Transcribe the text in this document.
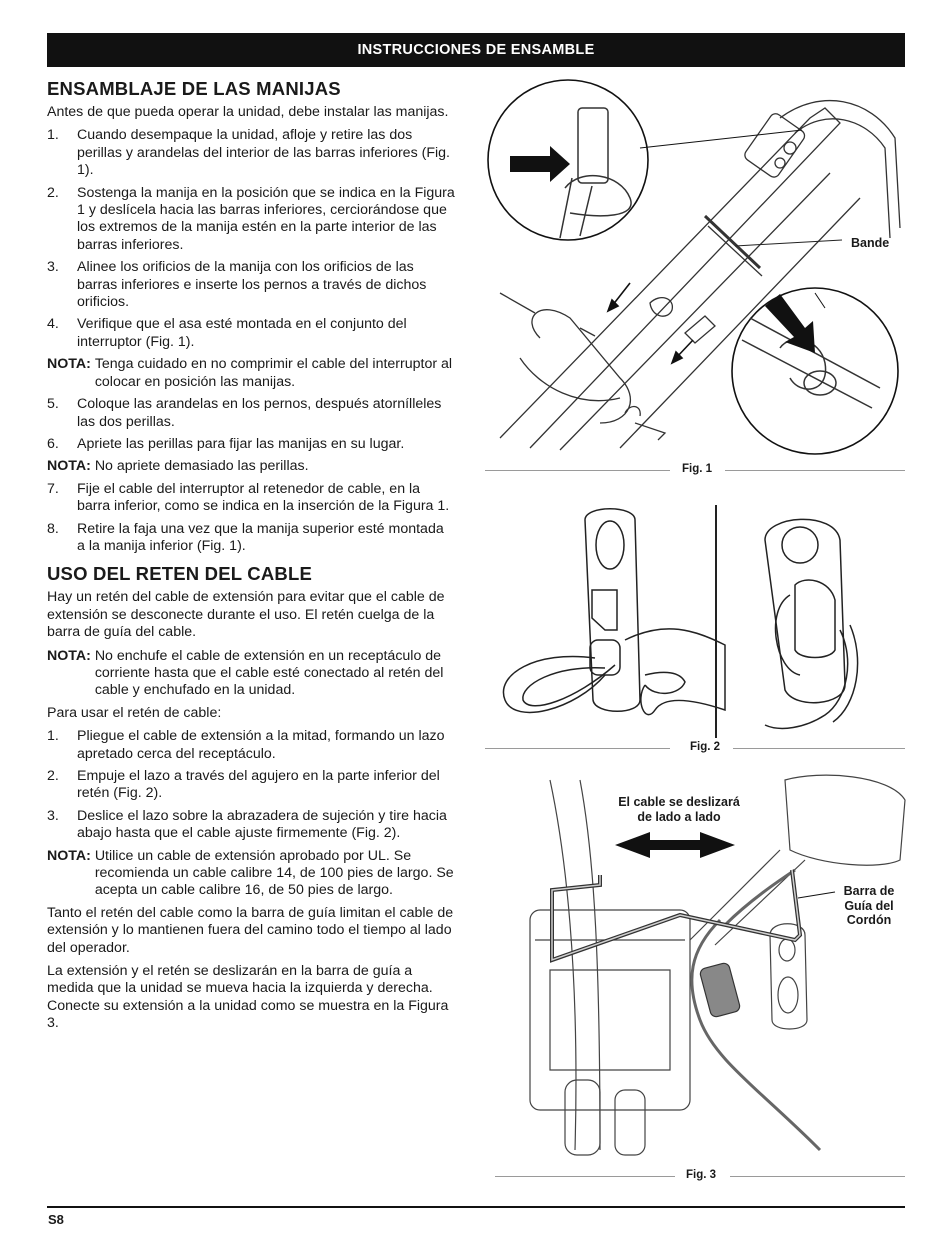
INSTRUCCIONES DE ENSAMBLE
ENSAMBLAJE DE LAS MANIJAS

Antes de que pueda operar la unidad, debe instalar las manijas.

1.	Cuando desempaque la unidad, afloje y retire las dos perillas y arandelas del interior de las barras inferiores (Fig. 1).
2.	Sostenga la manija en la posición que se indica en la Figura 1 y deslícela hacia las barras inferiores, cerciorándose que los extremos de la manija estén en la parte interior de las barras inferiores.
3.	Alinee los orificios de la manija con los orificios de las barras inferiores e inserte los pernos a través de dichos orificios.
4.	Verifique que el asa esté montada en el conjunto del interruptor (Fig. 1).
NOTA: Tenga cuidado en no comprimir el cable del interruptor al colocar en posición las manijas.
5.	Coloque las arandelas en los pernos, después atornílleles las dos perillas.
6.	Apriete las perillas para fijar las manijas en su lugar.
NOTA: No apriete demasiado las perillas.
7.	Fije el cable del interruptor al retenedor de cable, en la barra inferior, como se indica en la inserción de la Figura 1.
8.	Retire la faja una vez que la manija superior esté montada a la manija inferior (Fig. 1).
USO DEL RETEN DEL CABLE

Hay un retén del cable de extensión para evitar que el cable de extensión se desconecte durante el uso. El retén cuelga de la barra de guía del cable.

NOTA: No enchufe el cable de extensión en un receptáculo de corriente hasta que el cable esté conectado al retén del cable y enchufado en la unidad.

Para usar el retén de cable:

1.	Pliegue el cable de extensión a la mitad, formando un lazo apretado cerca del receptáculo.
2.	Empuje el lazo a través del agujero en la parte inferior del retén (Fig. 2).
3.	Deslice el lazo sobre la abrazadera de sujeción y tire hacia abajo hasta que el cable ajuste firmemente (Fig. 2).
NOTA: Utilice un cable de extensión aprobado por UL. Se recomienda un cable calibre 14, de 100 pies de largo. Se acepta un cable calibre 16, de 50 pies de largo.

Tanto el retén del cable como la barra de guía limitan el cable de extensión y lo mantienen fuera del camino todo el tiempo al lado del operador.

La extensión y el retén se deslizarán en la barra de guía a medida que la unidad se mueva hacia la izquierda y derecha. Conecte su extensión a la unidad como se muestra en la Figura 3.

Bande
Fig. 1
Fig. 2
El cable se deslizará
de lado a lado
Barra de
Guía del
Cordón
Fig. 3
S8
